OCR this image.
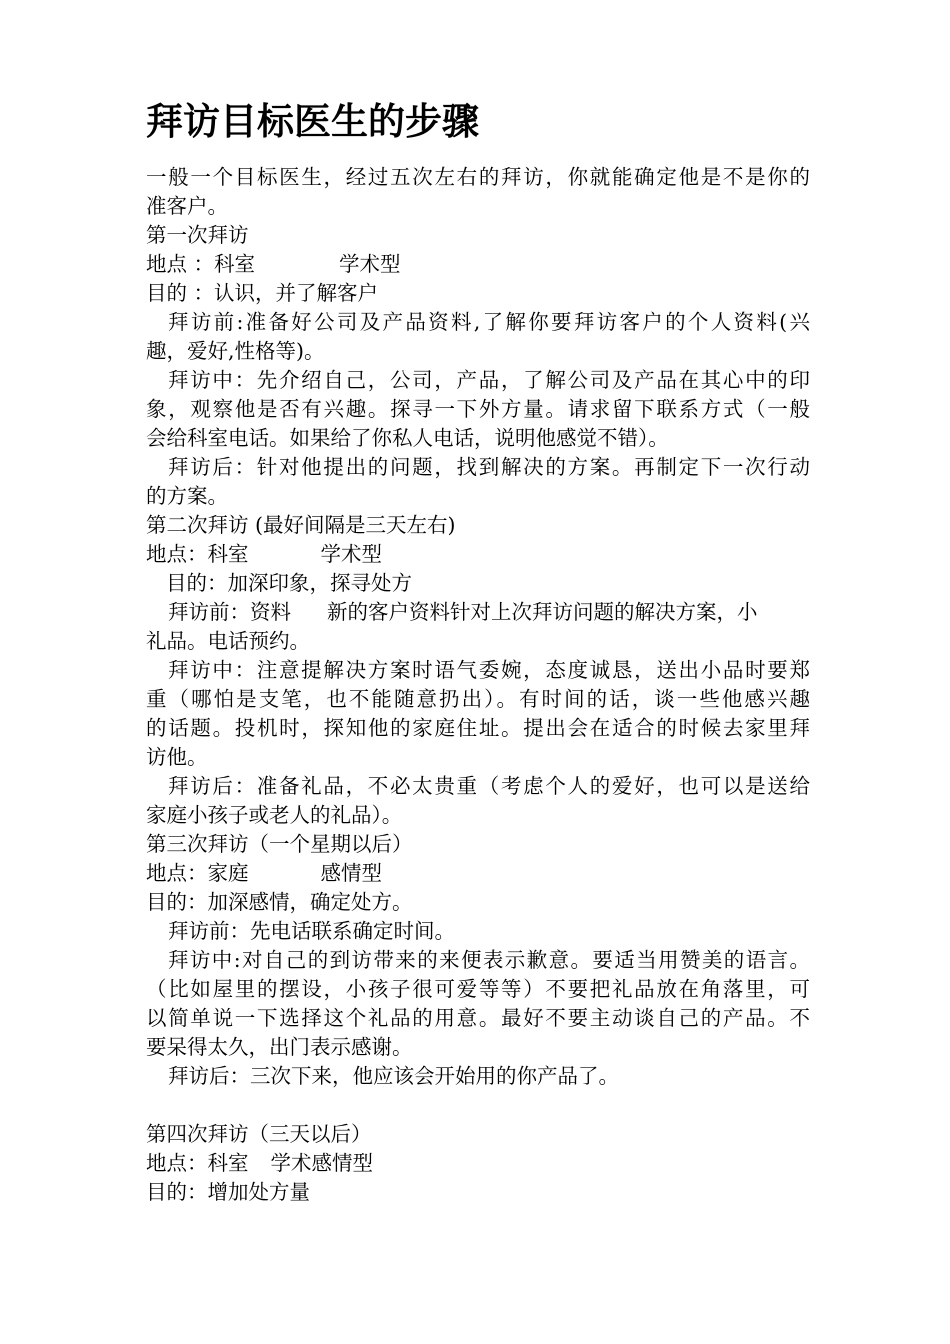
拜访目标医生的步骤
一般一个目标医生，经过五次左右的拜访，你就能确定他是不是你的
准客户。
第一次拜访
地点 ：科室	学术型
目的 ：认识，并了解客户
拜访前:准备好公司及产品资料,了解你要拜访客户的个人资料(兴
趣，爱好,性格等)。
拜访中：先介绍自己，公司，产品，了解公司及产品在其心中的印
象，观察他是否有兴趣。探寻一下外方量。请求留下联系方式（一般
会给科室电话。如果给了你私人电话，说明他感觉不错）。
拜访后：针对他提出的问题，找到解决的方案。再制定下一次行动
的方案。
第二次拜访 (最好间隔是三天左右)
地点：科室	学术型
目的：加深印象，探寻处方
拜访前：资料 新的客户资料针对上次拜访问题的解决方案，小
礼品。电话预约。
拜访中：注意提解决方案时语气委婉，态度诚恳，送出小品时要郑
重（哪怕是支笔，也不能随意扔出）。有时间的话，谈一些他感兴趣
的话题。投机时，探知他的家庭住址。提出会在适合的时候去家里拜
访他。
拜访后：准备礼品，不必太贵重（考虑个人的爱好，也可以是送给
家庭小孩子或老人的礼品）。
第三次拜访（一个星期以后）
地点：家庭	感情型
目的：加深感情，确定处方。
拜访前：先电话联系确定时间。
拜访中:对自己的到访带来的来便表示歉意。要适当用赞美的语言。
（比如屋里的摆设，小孩子很可爱等等）不要把礼品放在角落里，可
以简单说一下选择这个礼品的用意。最好不要主动谈自己的产品。不
要呆得太久，出门表示感谢。
拜访后：三次下来，他应该会开始用的你产品了。
第四次拜访（三天以后）
地点：科室 学术感情型
目的：增加处方量
